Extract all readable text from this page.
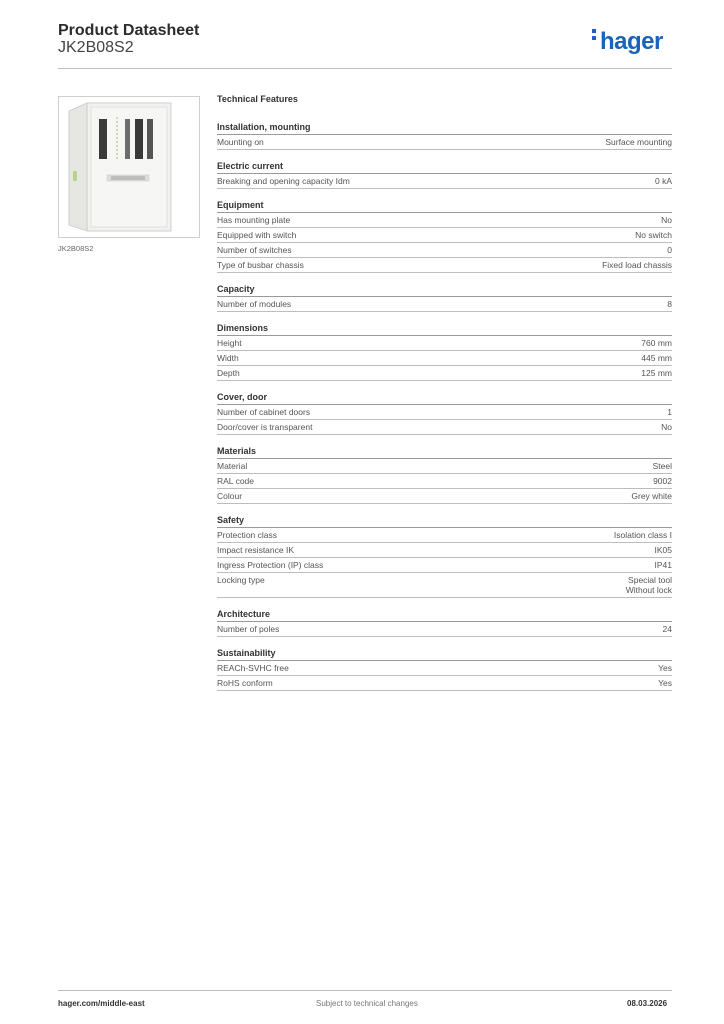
Product Datasheet
JK2B08S2	hager
JK2B08S2
Technical Features
Installation, mounting
Mounting on	Surface mounting
Electric current
Breaking and opening capacity Idm	0 kA
Equipment
Has mounting plate	No
Equipped with switch	No switch
Number of switches	0
Type of busbar chassis	Fixed load chassis
Capacity
Number of modules	8
Dimensions
Height	760 mm
Width	445 mm
Depth	125 mm
Cover, door
Number of cabinet doors	1
Door/cover is transparent	No
Materials
Material	Steel
RAL code	9002
Colour	Grey white
Safety
Protection class	Isolation class I
Impact resistance IK	IK05
Ingress Protection (IP) class	IP41
Locking type	Special tool
Without lock
Architecture
Number of poles	24
Sustainability
REACh-SVHC free	Yes
RoHS conform	Yes
hager.com/middle-east	Subject to technical changes	08.03.2026
